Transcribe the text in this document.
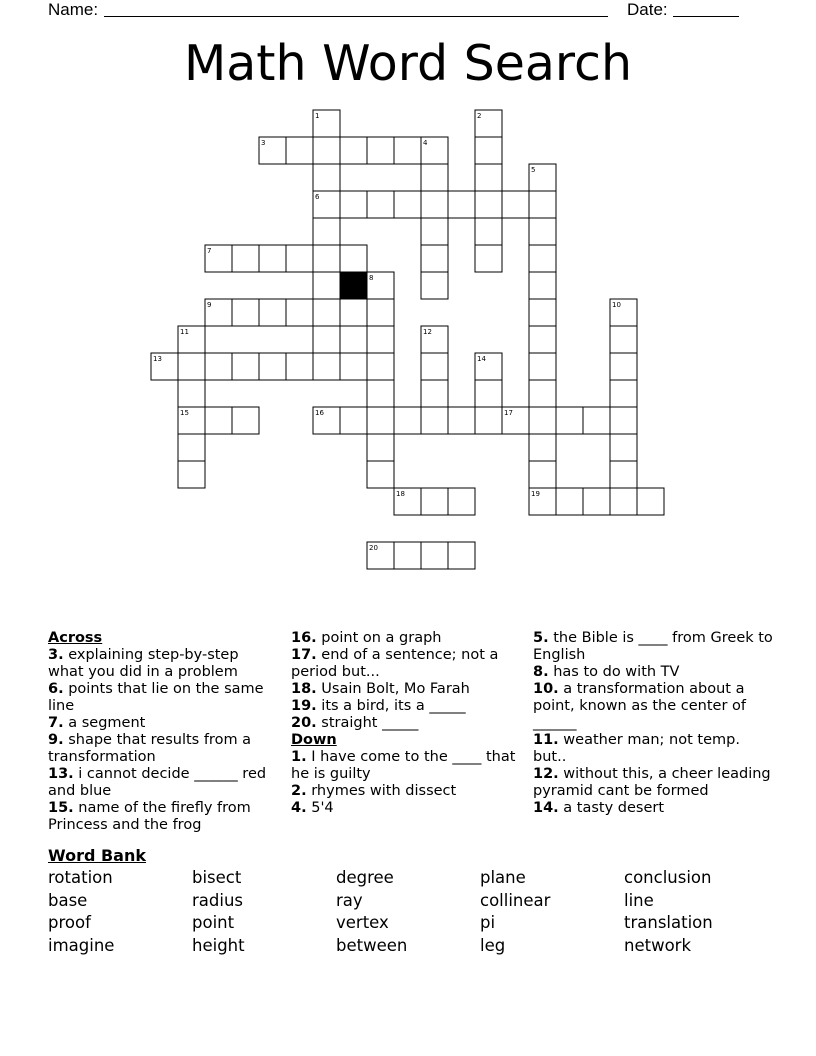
Name:	Date:
Math Word Search
1	2
3	4
5
6
7
8
9	10
11	12
13	14
15	16	17
18	19
20
Across
3. explaining step-by-step what you did in a problem
6. points that lie on the same line
7. a segment
9. shape that results from a transformation
13. i cannot decide ______ red and blue
15. name of the firefly from Princess and the frog
16. point on a graph
17. end of a sentence; not a period but...
18. Usain Bolt, Mo Farah
19. its a bird, its a _____
20. straight _____
Down
1. I have come to the ____ that he is guilty
2. rhymes with dissect
4. 5'4
5. the Bible is ____ from Greek to English
8. has to do with TV
10. a transformation about a point, known as the center of ______
11. weather man; not temp. but..
12. without this, a cheer leading pyramid cant be formed
14. a tasty desert
Word Bank
rotation	bisect	degree	plane	conclusion
base	radius	ray	collinear	line
proof	point	vertex	pi	translation
imagine	height	between	leg	network
